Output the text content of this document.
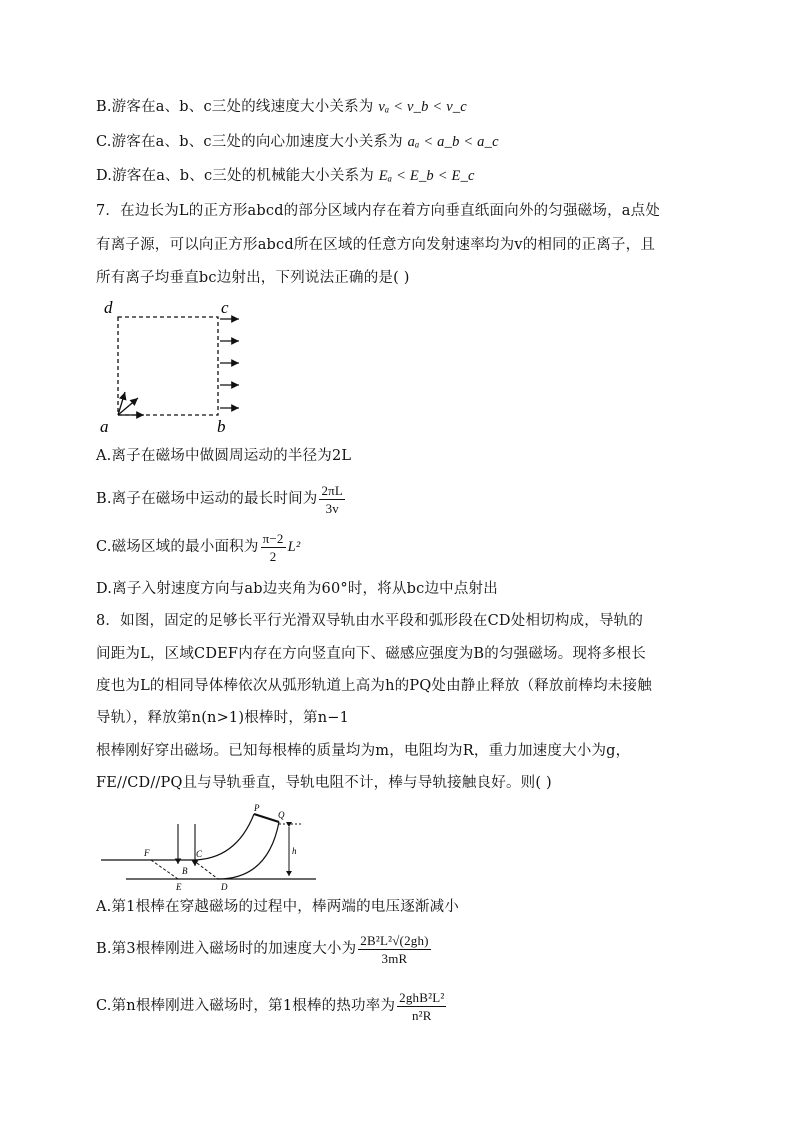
B.游客在a、b、c三处的线速度大小关系为 vₐ < v_b < v_c
C.游客在a、b、c三处的向心加速度大小关系为 aₐ < a_b < a_c
D.游客在a、b、c三处的机械能大小关系为 Eₐ < E_b < E_c
7．在边长为L的正方形abcd的部分区域内存在着方向垂直纸面向外的匀强磁场，a点处
有离子源，可以向正方形abcd所在区域的任意方向发射速率均为v的相同的正离子，且
所有离子均垂直bc边射出，下列说法正确的是( )
d	c
a	b
A.离子在磁场中做圆周运动的半径为2L
B.离子在磁场中运动的最长时间为 $\frac{2\pi L}{3v}$
C.磁场区域的最小面积为 $\frac{\pi-2}{2} L^2$
D.离子入射速度方向与ab边夹角为60°时，将从bc边中点射出
8．如图，固定的足够长平行光滑双导轨由水平段和弧形段在CD处相切构成，导轨的
间距为L，区域CDEF内存在方向竖直向下、磁感应强度为B的匀强磁场。现将多根长
度也为L的相同导体棒依次从弧形轨道上高为h的PQ处由静止释放（释放前棒均未接触
导轨），释放第n(n>1)根棒时，第n−1
根棒刚好穿出磁场。已知每根棒的质量均为m，电阻均为R，重力加速度大小为g，
FE//CD//PQ且与导轨垂直，导轨电阻不计，棒与导轨接触良好。则( )
F
B
C
E	D
P
Q
h
A.第1根棒在穿越磁场的过程中，棒两端的电压逐渐减小
B.第3根棒刚进入磁场时的加速度大小为 $\frac{\text{2B²L²√(2gh)}}{3mR}$
C.第n根棒刚进入磁场时，第1根棒的热功率为 $\frac{\text{2ghB²L²}}{\text{n²R}}$
